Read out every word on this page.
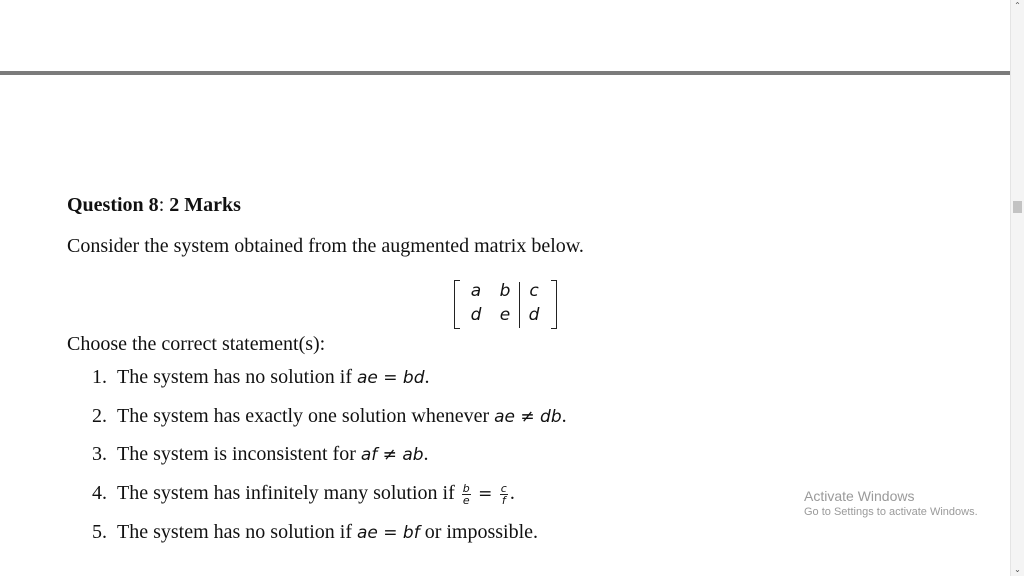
⌃
⌄
Question 8: 2 Marks
Consider the system obtained from the augmented matrix below.
a b c
d e d
Choose the correct statement(s):
1. The system has no solution if ae = bd.
2. The system has exactly one solution whenever ae ≠ db.
3. The system is inconsistent for af ≠ ab.
4. The system has infinitely many solution if $\frac{b}{e} = \frac{c}{f}$ .
5. The system has no solution if ae = bf or impossible.
Activate Windows
Go to Settings to activate Windows.
